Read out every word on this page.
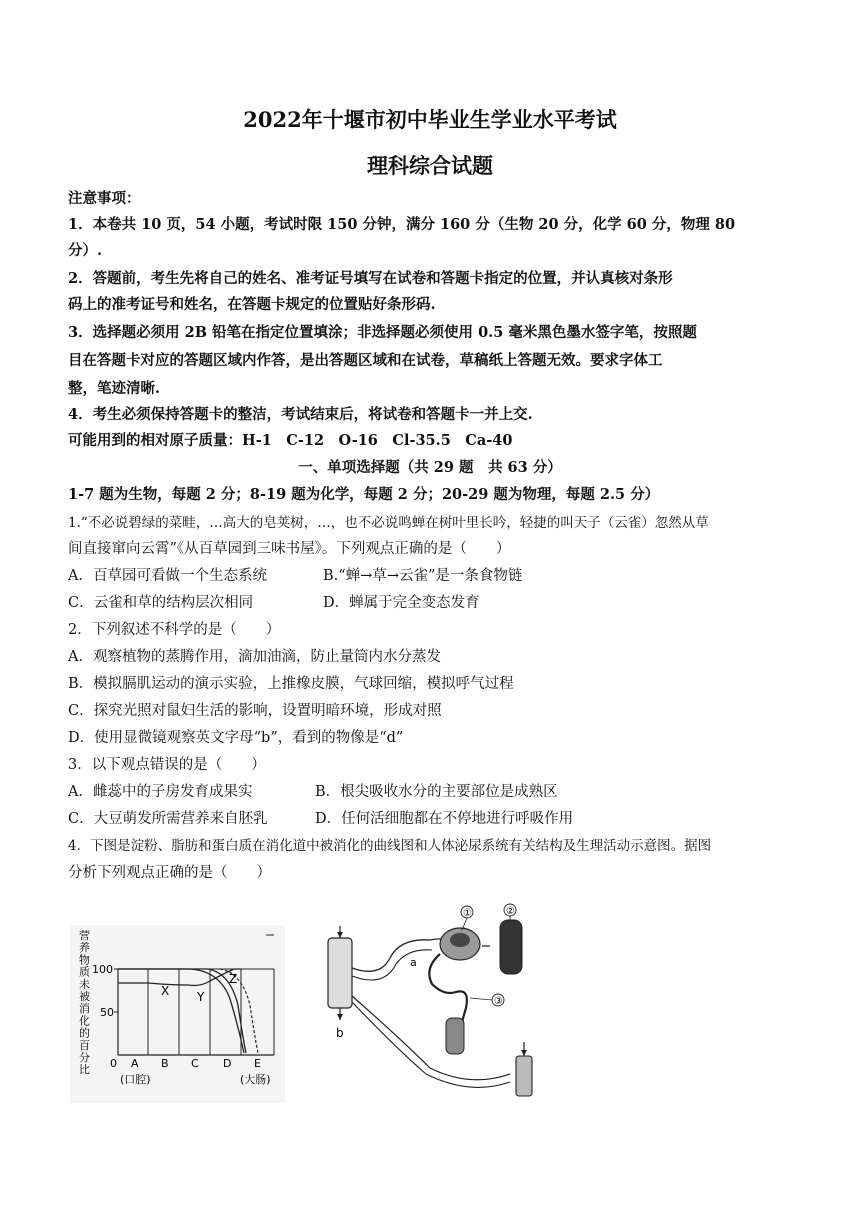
2022年十堰市初中毕业生学业水平考试
理科综合试题
注意事项：
1．本卷共 10 页，54 小题，考试时限 150 分钟，满分 160 分（生物 20 分，化学 60 分，物理 80
分）.
2．答题前，考生先将自己的姓名、准考证号填写在试卷和答题卡指定的位置，并认真核对条形
码上的准考证号和姓名，在答题卡规定的位置贴好条形码.
3．选择题必须用 2B 铅笔在指定位置填涂；非选择题必须使用 0.5 毫米黑色墨水签字笔，按照题
目在答题卡对应的答题区域内作答，是出答题区域和在试卷，草稿纸上答题无效。要求字体工
整，笔迹清晰.
4．考生必须保持答题卡的整洁，考试结束后，将试卷和答题卡一并上交.
可能用到的相对原子质量：H-1　C-12　O-16　Cl-35.5　Ca-40
一、单项选择题（共 29 题　共 63 分）
1-7 题为生物，每题 2 分；8-19 题为化学，每题 2 分；20-29 题为物理，每题 2.5 分）
1.“不必说碧绿的菜畦，…高大的皂荚树，…，也不必说鸣蝉在树叶里长吟，轻捷的叫天子（云雀）忽然从草
间直接窜向云霄”《从百草园到三味书屋》。下列观点正确的是（　　）
A．百草园可看做一个生态系统	B.“蝉→草→云雀”是一条食物链
C．云雀和草的结构层次相同	D．蝉属于完全变态发育
2．下列叙述不科学的是（　　）
A．观察植物的蒸腾作用，滴加油滴，防止量筒内水分蒸发
B．模拟膈肌运动的演示实验，上推橡皮膜，气球回缩，模拟呼气过程
C．探究光照对鼠妇生活的影响，设置明暗环境，形成对照
D．使用显微镜观察英文字母“b”，看到的物像是“d”
3．以下观点错误的是（　　）
A．雌蕊中的子房发育成果实	B．根尖吸收水分的主要部位是成熟区
C．大豆萌发所需营养来自胚乳	D．任何活细胞都在不停地进行呼吸作用
4．下图是淀粉、脂肪和蛋白质在消化道中被消化的曲线图和人体泌尿系统有关结构及生理活动示意图。据图
分析下列观点正确的是（　　）
营
养
物
质
未
被
消
化
的
百
分
比
X Y
Z
100
50
0 A B C D E
(口腔)	(大肠)
b
①	②
③
a
